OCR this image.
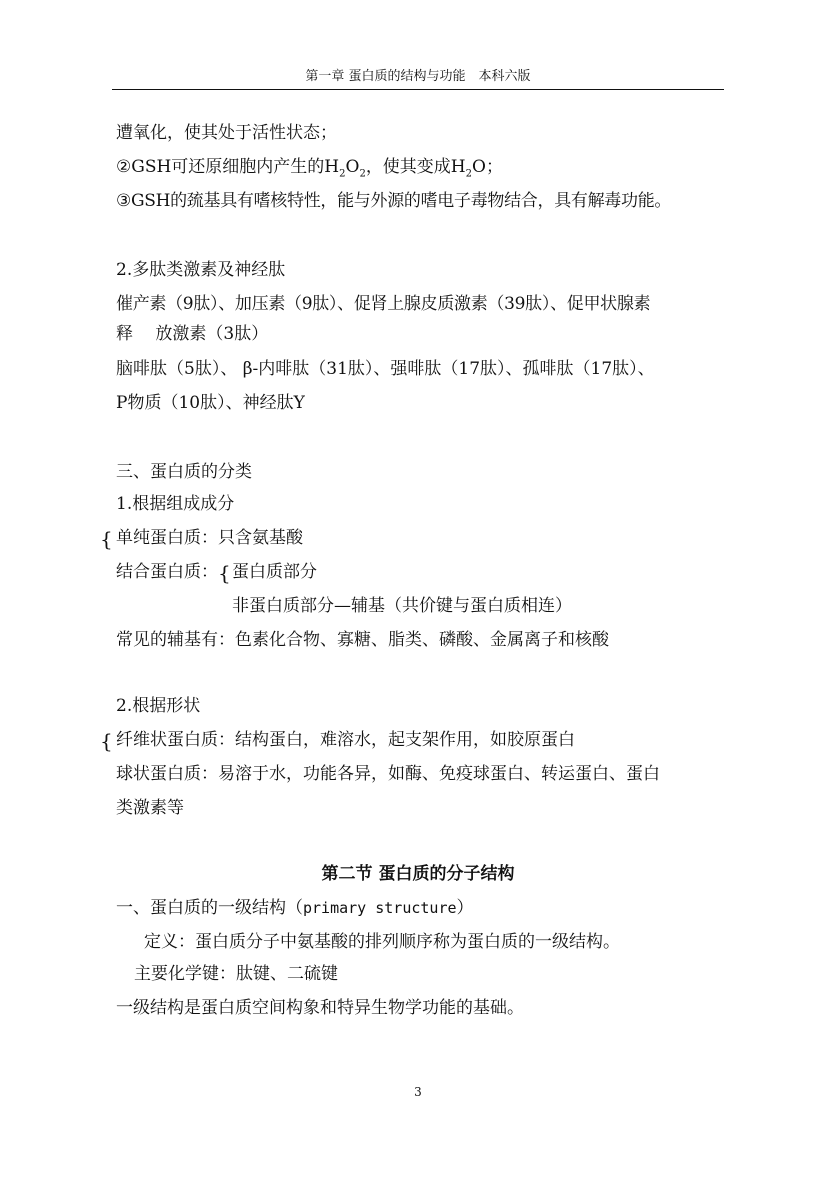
第一章 蛋白质的结构与功能　本科六版
遭氧化，使其处于活性状态；
②GSH可还原细胞内产生的$H_2O_2$，使其变成$H_2O$；
③GSH的巯基具有嗜核特性，能与外源的嗜电子毒物结合，具有解毒功能。
2.多肽类激素及神经肽
催产素（9肽）、加压素（9肽）、促肾上腺皮质激素（39肽）、促甲状腺素
释　 放激素（3肽）
脑啡肽（5肽）、 β-内啡肽（31肽）、强啡肽（17肽）、孤啡肽（17肽）、
P物质（10肽）、神经肽Y
三、蛋白质的分类
1.根据组成成分
{ 单纯蛋白质：只含氨基酸
结合蛋白质： { 蛋白质部分
非蛋白质部分—辅基（共价键与蛋白质相连）
常见的辅基有：色素化合物、寡糖、脂类、磷酸、金属离子和核酸
2.根据形状
{ 纤维状蛋白质：结构蛋白，难溶水，起支架作用，如胶原蛋白
球状蛋白质：易溶于水，功能各异，如酶、免疫球蛋白、转运蛋白、蛋白
类激素等
第二节 蛋白质的分子结构
一、蛋白质的一级结构（primary structure）
定义：蛋白质分子中氨基酸的排列顺序称为蛋白质的一级结构。
主要化学键：肽键、二硫键
一级结构是蛋白质空间构象和特异生物学功能的基础。
3
